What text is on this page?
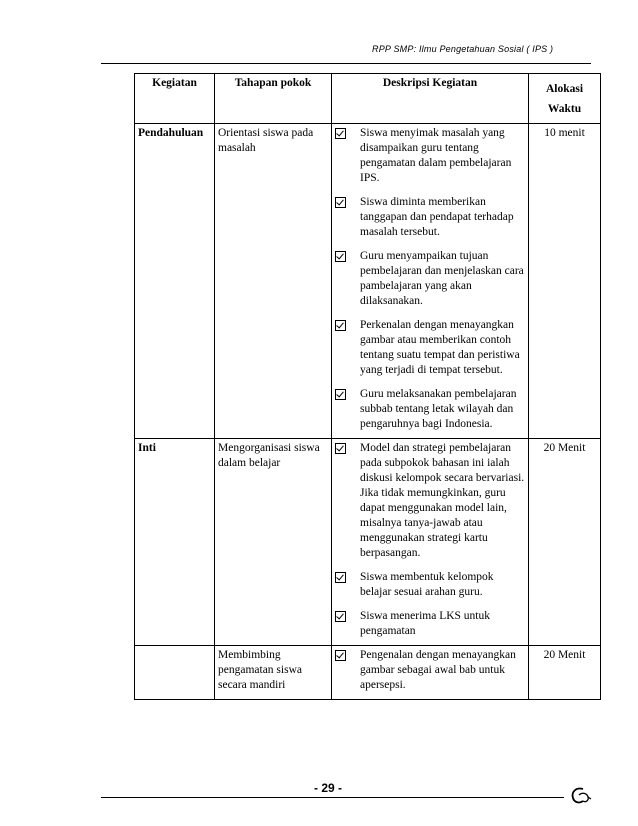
RPP SMP: Ilmu Pengetahuan Sosial ( IPS )
Kegiatan	Tahapan pokok	Deskripsi Kegiatan	Alokasi
Waktu

Pendahuluan	Orientasi siswa pada masalah	Siswa menyimak masalah yang disampaikan guru tentang pengamatan dalam pembelajaran IPS.
Siswa diminta memberikan tanggapan dan pendapat terhadap masalah tersebut.
Guru menyampaikan tujuan pembelajaran dan menjelaskan cara pambelajaran yang akan dilaksanakan.
Perkenalan dengan menayangkan gambar atau memberikan contoh tentang suatu tempat dan peristiwa yang terjadi di tempat tersebut.
Guru melaksanakan pembelajaran subbab tentang letak wilayah dan pengaruhnya bagi Indonesia.	10 menit
Inti	Mengorganisasi siswa dalam belajar	Model dan strategi pembelajaran pada subpokok bahasan ini ialah diskusi kelompok secara bervariasi. Jika tidak memungkinkan, guru dapat menggunakan model lain, misalnya tanya-jawab atau menggunakan strategi kartu berpasangan.
Siswa membentuk kelompok belajar sesuai arahan guru.
Siswa menerima LKS untuk pengamatan	20 Menit
	Membimbing pengamatan siswa secara mandiri	Pengenalan dengan menayangkan gambar sebagai awal bab untuk apersepsi.	20 Menit
- 29 -
